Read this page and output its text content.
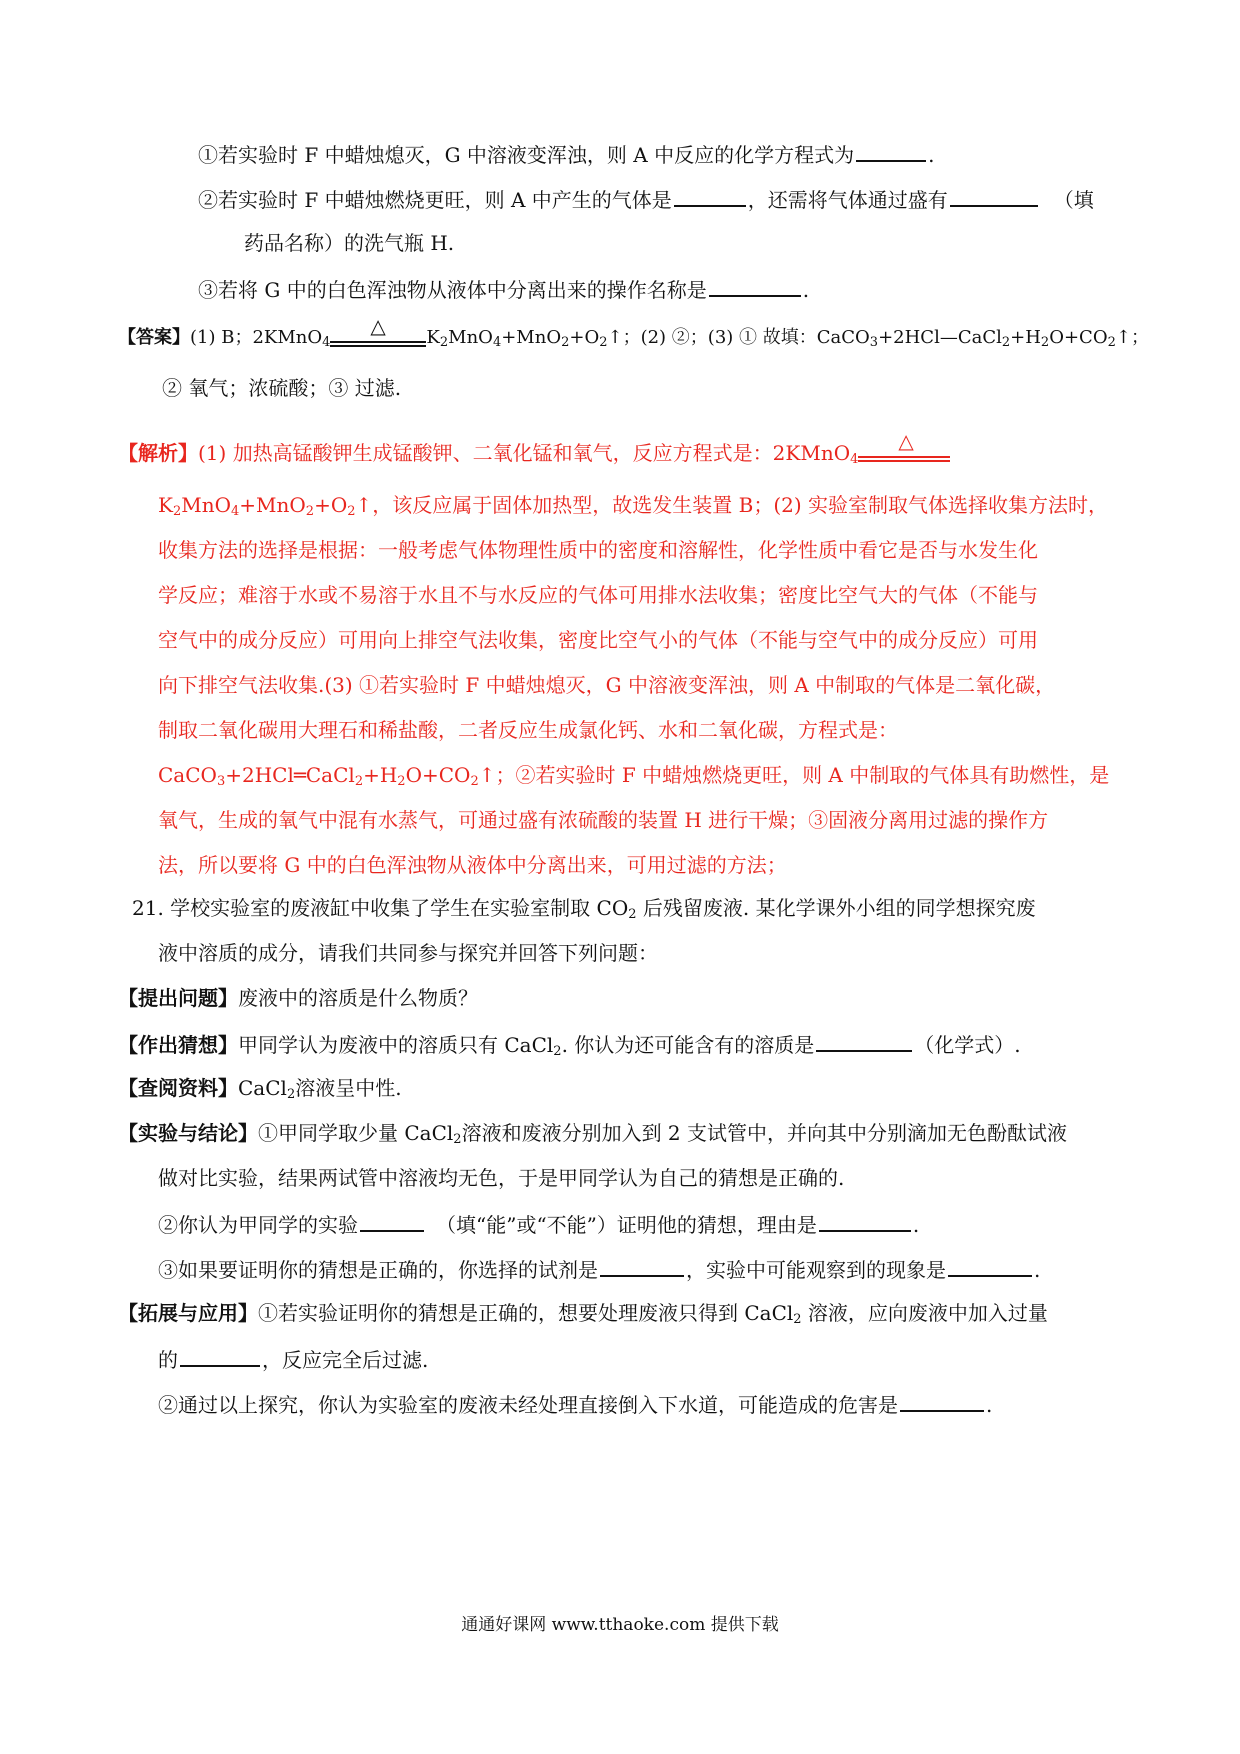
①若实验时 F 中蜡烛熄灭，G 中溶液变浑浊，则 A 中反应的化学方程式为	.
②若实验时 F 中蜡烛燃烧更旺，则 A 中产生的气体是	，还需将气体通过盛有	（填
药品名称）的洗气瓶 H.
③若将 G 中的白色浑浊物从液体中分离出来的操作名称是	.
【答案】(1) B；2KMnO$_4$
△ $K_2MnO_4+MnO_2+O_2↑$；(2) ②；(3) ① 故填：$CaCO_3+2HCl—CaCl_2+H_2O+CO_2↑$；
② 氧气；浓硫酸；③ 过滤.
【解析】(1) 加热高锰酸钾生成锰酸钾、二氧化锰和氧气，反应方程式是：2KMnO$_4$
△
$K_2MnO_4+MnO_2+O_2↑$，该反应属于固体加热型，故选发生装置 B；(2) 实验室制取气体选择收集方法时，
收集方法的选择是根据：一般考虑气体物理性质中的密度和溶解性，化学性质中看它是否与水发生化
学反应；难溶于水或不易溶于水且不与水反应的气体可用排水法收集；密度比空气大的气体（不能与
空气中的成分反应）可用向上排空气法收集，密度比空气小的气体（不能与空气中的成分反应）可用
向下排空气法收集.(3) ①若实验时 F 中蜡烛熄灭，G 中溶液变浑浊，则 A 中制取的气体是二氧化碳，
制取二氧化碳用大理石和稀盐酸，二者反应生成氯化钙、水和二氧化碳，方程式是：
$CaCO_3+2HCl═CaCl_2+H_2O+CO_2↑$；②若实验时 F 中蜡烛燃烧更旺，则 A 中制取的气体具有助燃性，是
氧气，生成的氧气中混有水蒸气，可通过盛有浓硫酸的装置 H 进行干燥；③固液分离用过滤的操作方
法，所以要将 G 中的白色浑浊物从液体中分离出来，可用过滤的方法；
21. 学校实验室的废液缸中收集了学生在实验室制取 $CO_2$ 后残留废液. 某化学课外小组的同学想探究废
液中溶质的成分，请我们共同参与探究并回答下列问题：
【提出问题】废液中的溶质是什么物质？
【作出猜想】甲同学认为废液中的溶质只有 CaCl$_2$. 你认为还可能含有的溶质是	（化学式）.
【查阅资料】CaCl$_2$溶液呈中性.
【实验与结论】①甲同学取少量 CaCl$_2$溶液和废液分别加入到 2 支试管中，并向其中分别滴加无色酚酞试液
做对比实验，结果两试管中溶液均无色，于是甲同学认为自己的猜想是正确的.
②你认为甲同学的实验	（填“能”或“不能”）证明他的猜想，理由是	.
③如果要证明你的猜想是正确的，你选择的试剂是	，实验中可能观察到的现象是	.
【拓展与应用】①若实验证明你的猜想是正确的，想要处理废液只得到 CaCl$_2$ 溶液，应向废液中加入过量
的	，反应完全后过滤.
②通过以上探究，你认为实验室的废液未经处理直接倒入下水道，可能造成的危害是	.
通通好课网 www.tthaoke.com 提供下载
